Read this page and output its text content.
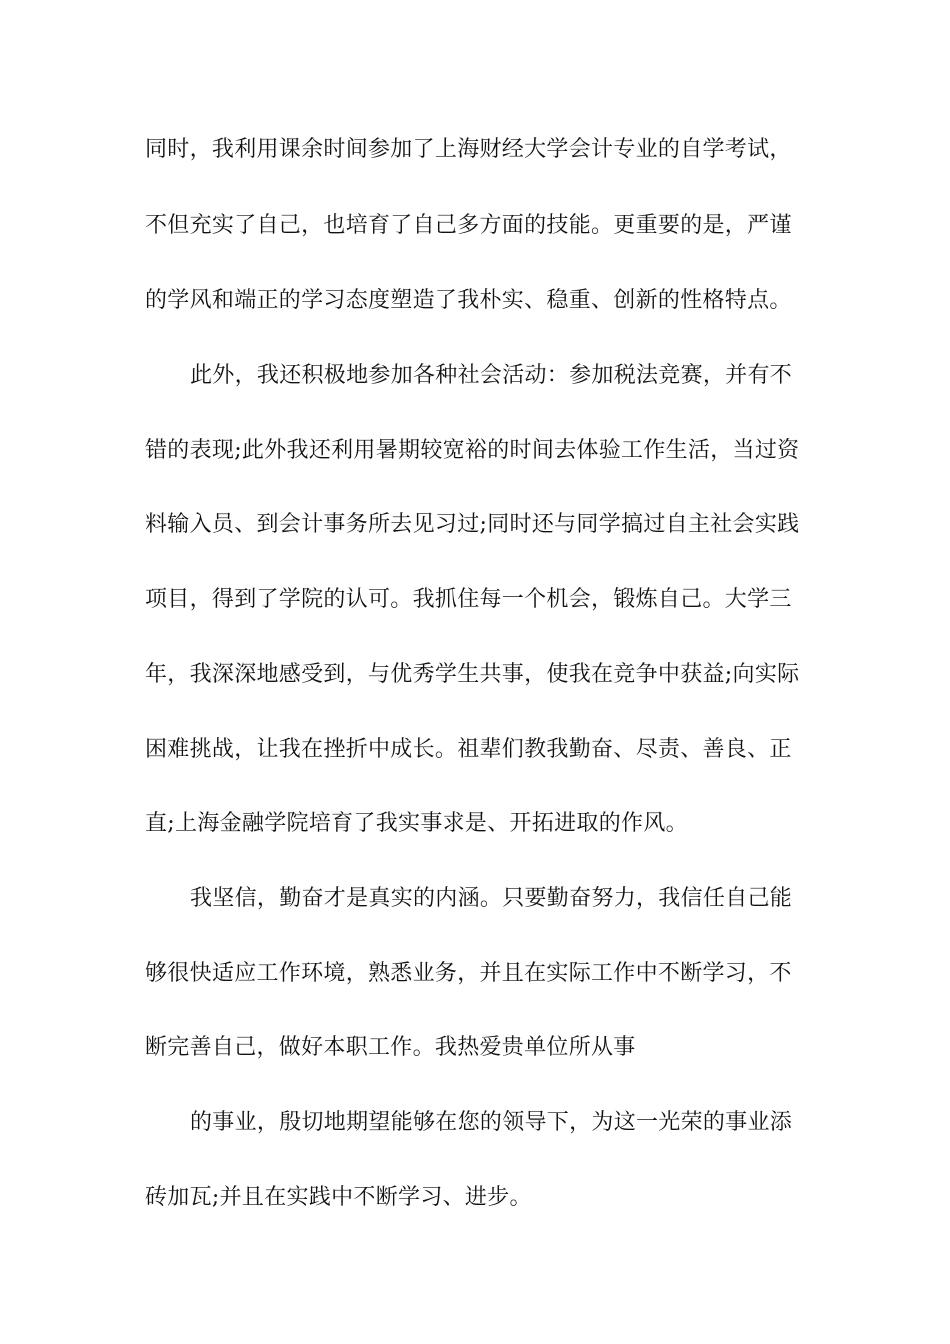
同时，我利用课余时间参加了上海财经大学会计专业的自学考试，
不但充实了自己，也培育了自己多方面的技能。更重要的是，严谨
的学风和端正的学习态度塑造了我朴实、稳重、创新的性格特点。
此外，我还积极地参加各种社会活动：参加税法竞赛，并有不
错的表现;此外我还利用暑期较宽裕的时间去体验工作生活，当过资
料输入员、到会计事务所去见习过;同时还与同学搞过自主社会实践
项目，得到了学院的认可。我抓住每一个机会，锻炼自己。大学三
年，我深深地感受到，与优秀学生共事，使我在竞争中获益;向实际
困难挑战，让我在挫折中成长。祖辈们教我勤奋、尽责、善良、正
直;上海金融学院培育了我实事求是、开拓进取的作风。
我坚信，勤奋才是真实的内涵。只要勤奋努力，我信任自己能
够很快适应工作环境，熟悉业务，并且在实际工作中不断学习，不
断完善自己，做好本职工作。我热爱贵单位所从事
的事业，殷切地期望能够在您的领导下，为这一光荣的事业添
砖加瓦;并且在实践中不断学习、进步。
